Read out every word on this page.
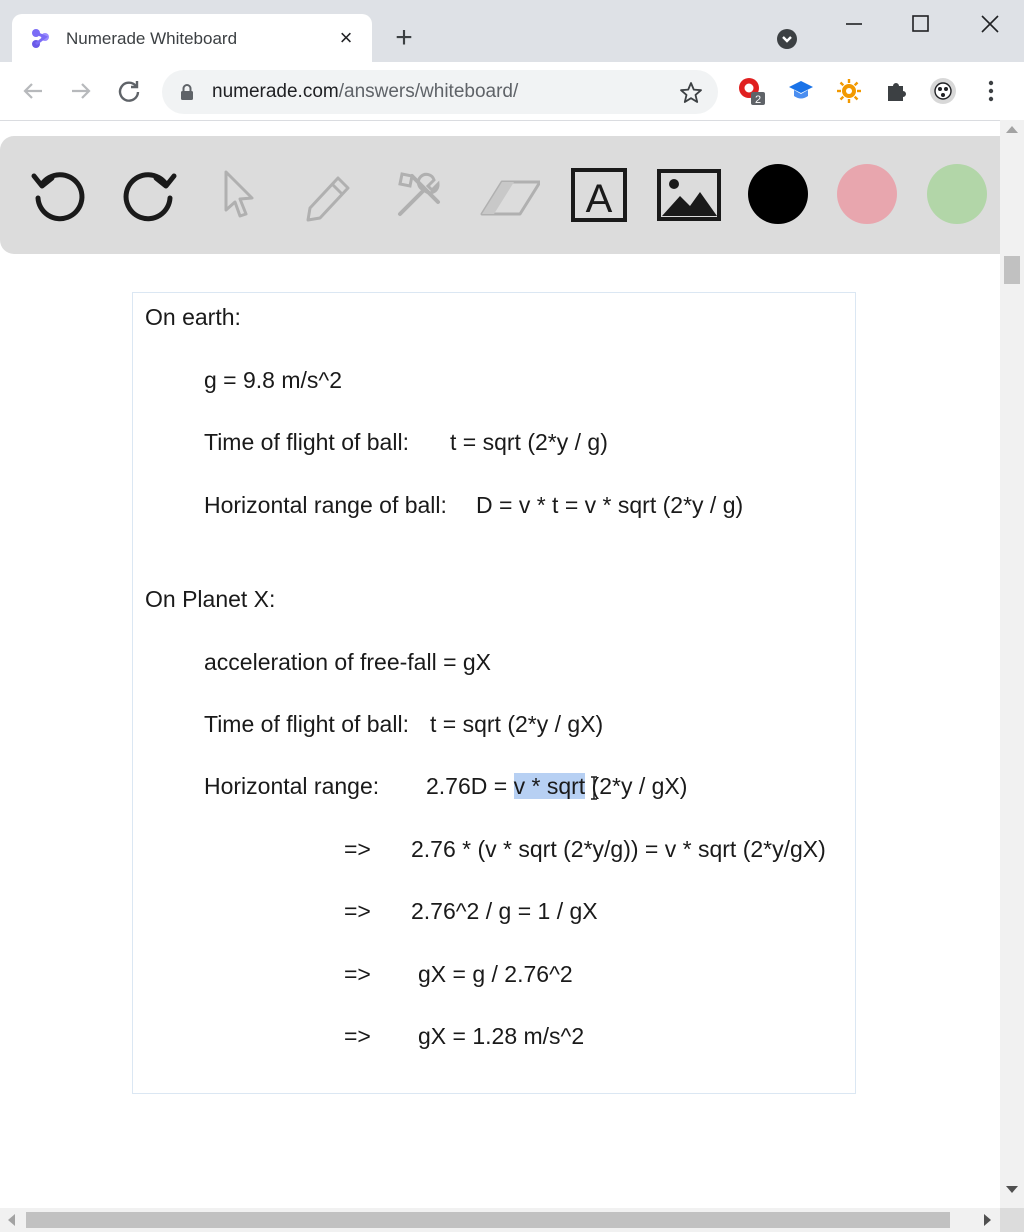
Numerade Whiteboard	× +
numerade.com/answers/whiteboard/	2
A
On earth:
g = 9.8 m/s^2
Time of flight of ball: t = sqrt (2*y / g)
Horizontal range of ball: D = v * t = v * sqrt (2*y / g)
On Planet X:
acceleration of free-fall = gX
Time of flight of ball: t = sqrt (2*y / gX)
Horizontal range: 2.76D = v * sqrt (2*y / gX)
=> 2.76 * (v * sqrt (2*y/g)) = v * sqrt (2*y/gX)
=> 2.76^2 / g = 1 / gX
=> gX = g / 2.76^2
=> gX = 1.28 m/s^2
